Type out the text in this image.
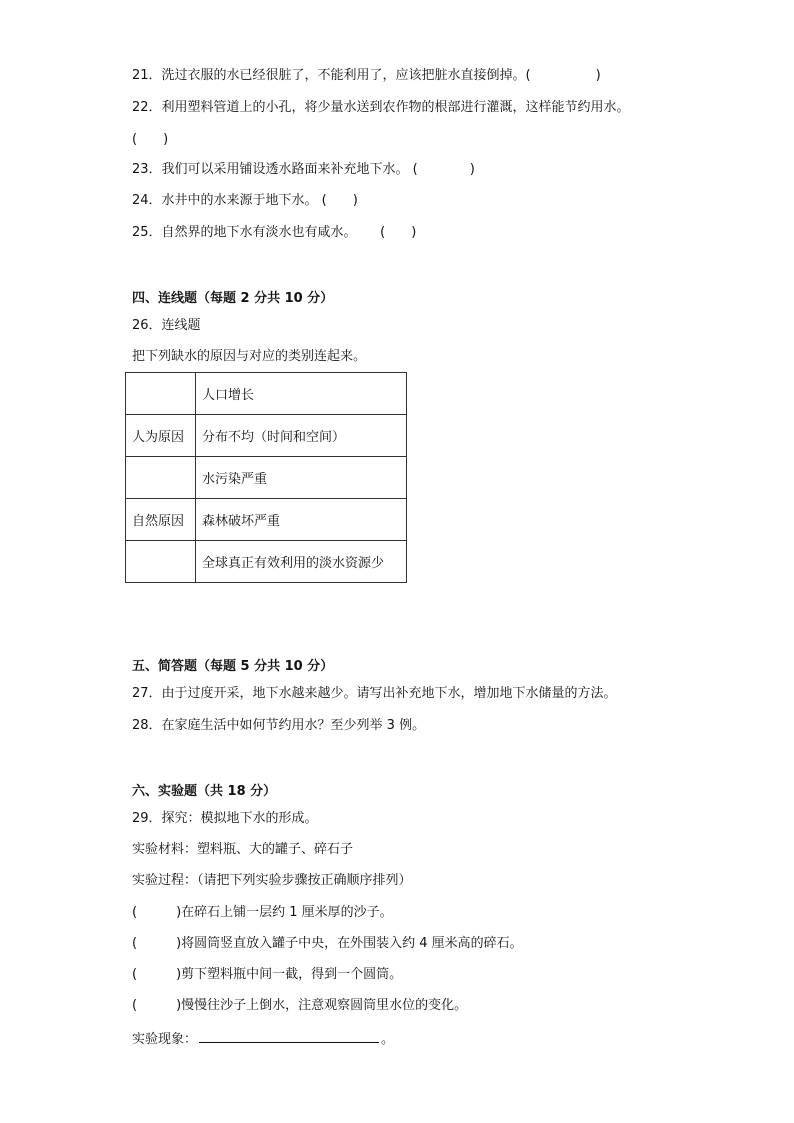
21．洗过衣服的水已经很脏了，不能利用了，应该把脏水直接倒掉。(　　　　　)
22．利用塑料管道上的小孔，将少量水送到农作物的根部进行灌溉，这样能节约用水。
(　　)
23．我们可以采用铺设透水路面来补充地下水。 (　　　　)
24．水井中的水来源于地下水。 (　　)
25．自然界的地下水有淡水也有咸水。　　 (　　)
四、连线题（每题 2 分共 10 分）
26．连线题
把下列缺水的原因与对应的类别连起来。
	人口增长
人为原因	分布不均（时间和空间）
	水污染严重
自然原因	森林破坏严重
	全球真正有效利用的淡水资源少
五、简答题（每题 5 分共 10 分）
27．由于过度开采，地下水越来越少。请写出补充地下水，增加地下水储量的方法。
28．在家庭生活中如何节约用水？至少列举 3 例。
六、实验题（共 18 分）
29．探究：模拟地下水的形成。
实验材料：塑料瓶、大的罐子、碎石子
实验过程：（请把下列实验步骤按正确顺序排列）
(　　　)在碎石上铺一层约 1 厘米厚的沙子。
(　　　)将圆筒竖直放入罐子中央，在外围装入约 4 厘米高的碎石。
(　　　)剪下塑料瓶中间一截，得到一个圆筒。
(　　　)慢慢往沙子上倒水，注意观察圆筒里水位的变化。
实验现象：	。
